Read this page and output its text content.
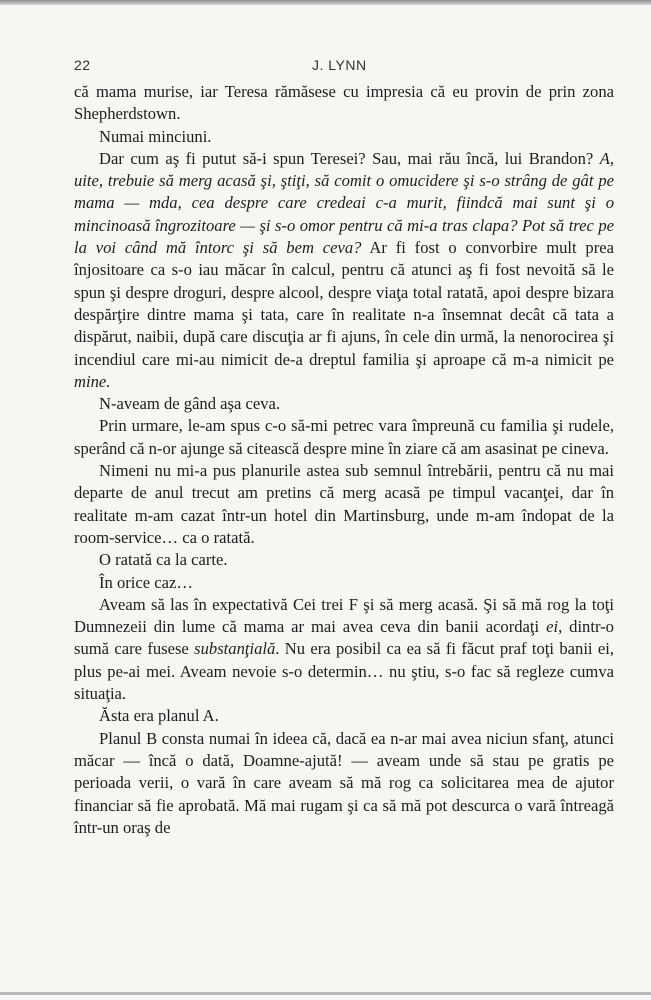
22	J. LYNN

că mama murise, iar Teresa rămăsese cu impresia că eu provin de prin zona Shepherdstown.

Numai minciuni.

Dar cum aş fi putut să-i spun Teresei? Sau, mai rău încă, lui Brandon? A, uite, trebuie să merg acasă şi, ştiţi, să comit o omucidere şi s-o strâng de gât pe mama — mda, cea despre care credeai c-a murit, fiindcă mai sunt şi o mincinoasă îngrozitoare — şi s-o omor pentru că mi-a tras clapa? Pot să trec pe la voi când mă întorc şi să bem ceva? Ar fi fost o convorbire mult prea înjositoare ca s-o iau măcar în calcul, pentru că atunci aş fi fost nevoită să le spun şi despre droguri, despre alcool, despre viaţa total ratată, apoi despre bizara despărţire dintre mama şi tata, care în realitate n-a însemnat decât că tata a dispărut, naibii, după care discuţia ar fi ajuns, în cele din urmă, la nenorocirea şi incendiul care mi-au nimicit de-a dreptul familia şi aproape că m-a nimicit pe mine.

N-aveam de gând aşa ceva.

Prin urmare, le-am spus c-o să-mi petrec vara împreună cu familia şi rudele, sperând că n-or ajunge să citească despre mine în ziare că am asasinat pe cineva.

Nimeni nu mi-a pus planurile astea sub semnul întrebării, pentru că nu mai departe de anul trecut am pretins că merg acasă pe timpul vacanţei, dar în realitate m-am cazat într-un hotel din Martinsburg, unde m-am îndopat de la room-service… ca o ratată.

O ratată ca la carte.

În orice caz…

Aveam să las în expectativă Cei trei F şi să merg acasă. Şi să mă rog la toţi Dumnezeii din lume că mama ar mai avea ceva din banii acordaţi ei, dintr-o sumă care fusese substanţială. Nu era posibil ca ea să fi făcut praf toţi banii ei, plus pe-ai mei. Aveam nevoie s-o determin… nu ştiu, s-o fac să regleze cumva situaţia.

Ăsta era planul A.

Planul B consta numai în ideea că, dacă ea n-ar mai avea niciun sfanţ, atunci măcar — încă o dată, Doamne-ajută! — aveam unde să stau pe gratis pe perioada verii, o vară în care aveam să mă rog ca solicitarea mea de ajutor financiar să fie aprobată. Mă mai rugam şi ca să mă pot descurca o vară întreagă într-un oraş de
